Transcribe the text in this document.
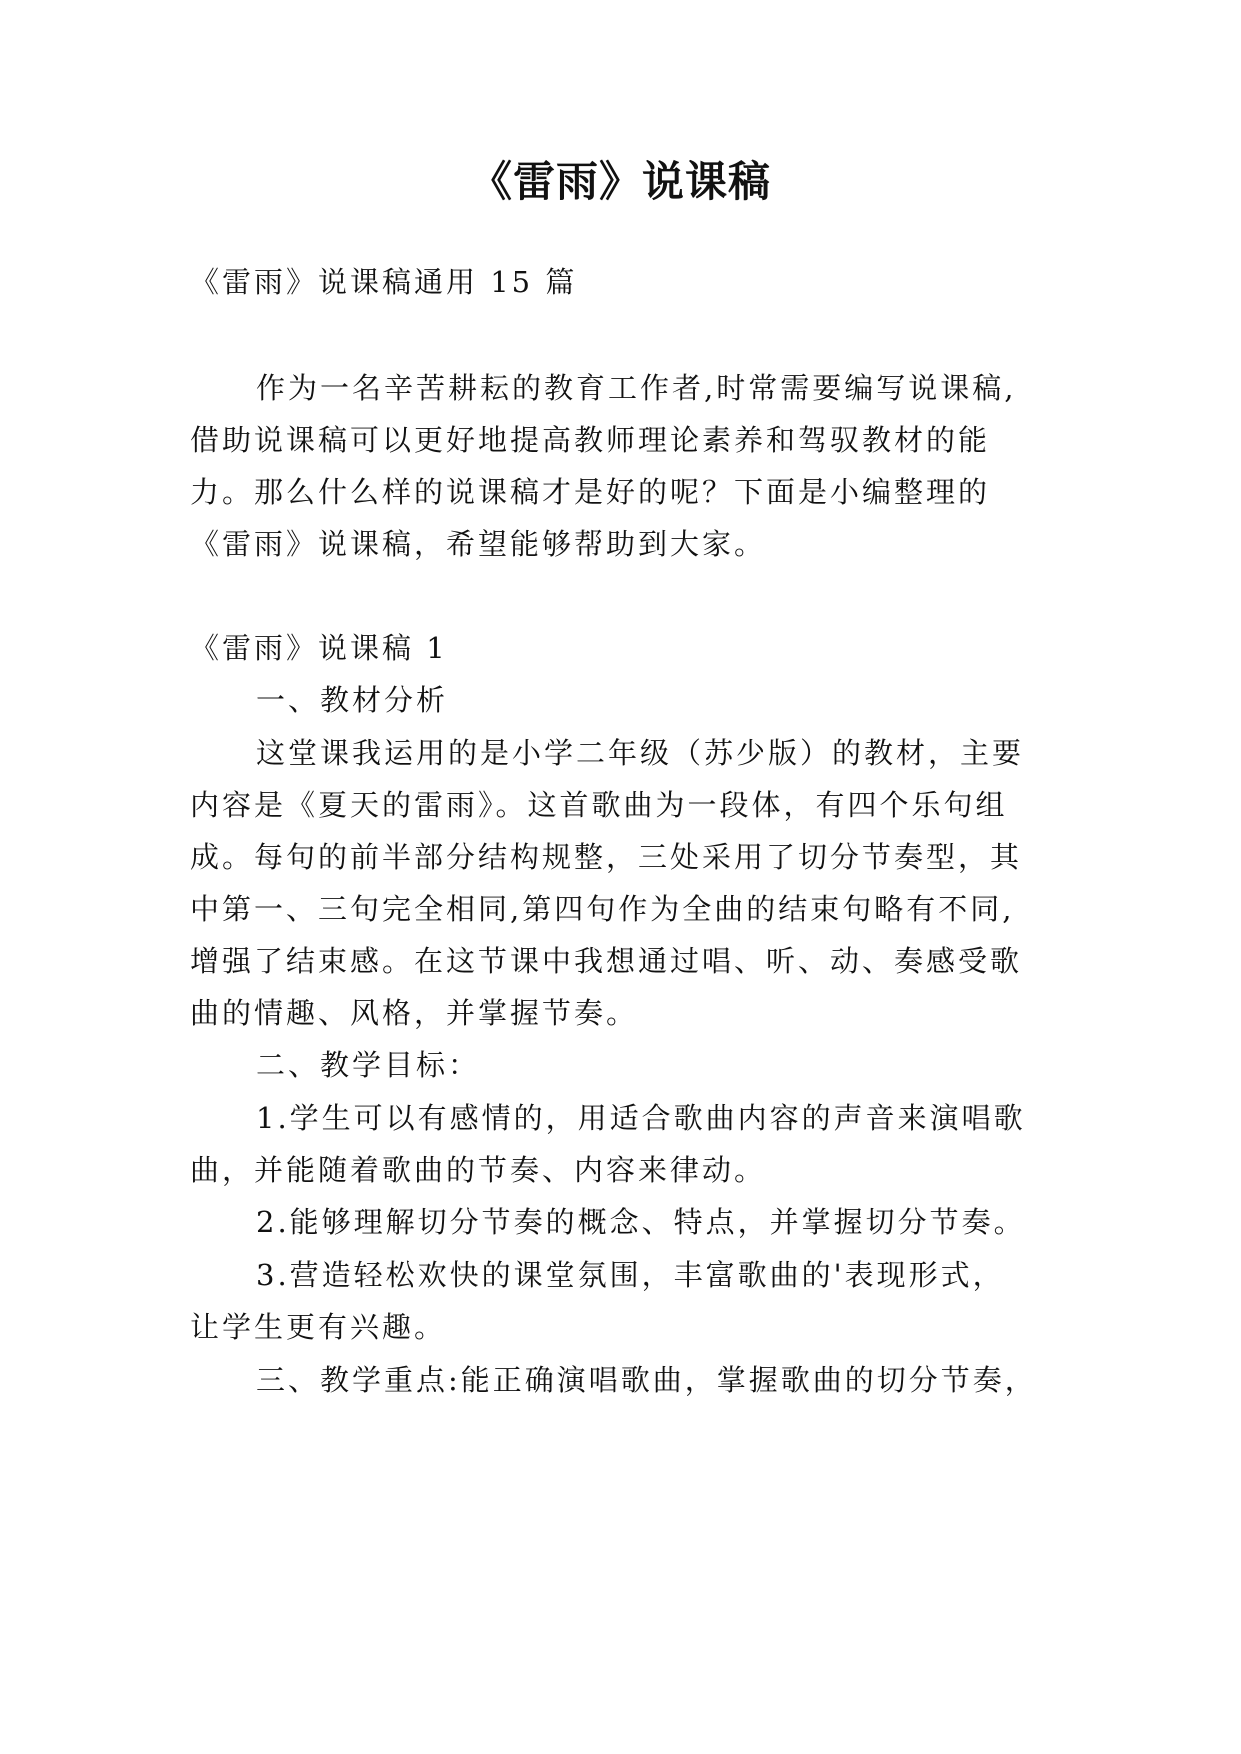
《雷雨》说课稿
《雷雨》说课稿通用 15 篇
作为一名辛苦耕耘的教育工作者,时常需要编写说课稿,
借助说课稿可以更好地提高教师理论素养和驾驭教材的能
力。那么什么样的说课稿才是好的呢？下面是小编整理的
《雷雨》说课稿，希望能够帮助到大家。
《雷雨》说课稿 1
一、教材分析
这堂课我运用的是小学二年级（苏少版）的教材，主要
内容是《夏天的雷雨》。这首歌曲为一段体，有四个乐句组
成。每句的前半部分结构规整，三处采用了切分节奏型，其
中第一、三句完全相同,第四句作为全曲的结束句略有不同,
增强了结束感。在这节课中我想通过唱、听、动、奏感受歌
曲的情趣、风格，并掌握节奏。
二、教学目标：
1.学生可以有感情的，用适合歌曲内容的声音来演唱歌
曲，并能随着歌曲的节奏、内容来律动。
2.能够理解切分节奏的概念、特点，并掌握切分节奏。
3.营造轻松欢快的课堂氛围，丰富歌曲的'表现形式，
让学生更有兴趣。
三、教学重点:能正确演唱歌曲，掌握歌曲的切分节奏，
